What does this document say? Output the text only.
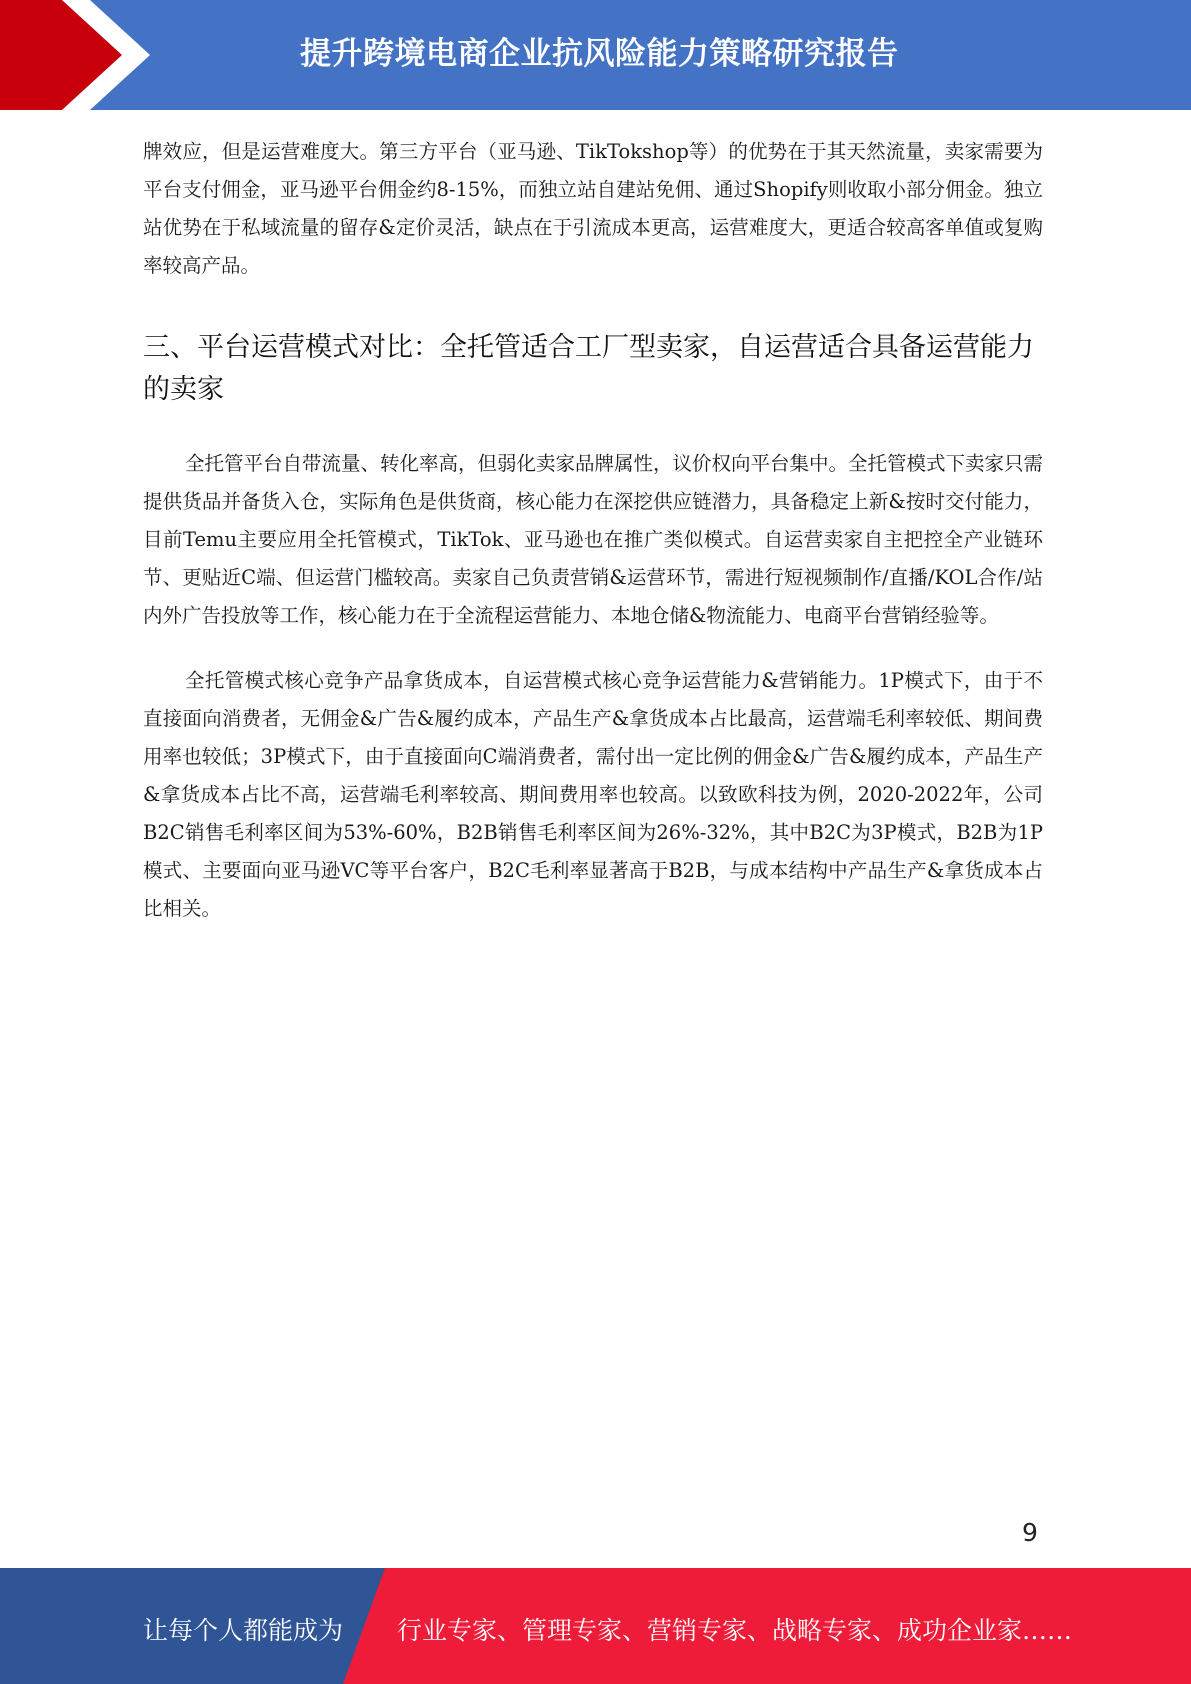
提升跨境电商企业抗风险能力策略研究报告

牌效应，但是运营难度大。第三方平台（亚马逊、TikTokshop等）的优势在于其天然流量，卖家需要为平台支付佣金，亚马逊平台佣金约8-15%，而独立站自建站免佣、通过Shopify则收取小部分佣金。独立站优势在于私域流量的留存&定价灵活，缺点在于引流成本更高，运营难度大，更适合较高客单值或复购率较高产品。

三、平台运营模式对比：全托管适合工厂型卖家，自运营适合具备运营能力的卖家

全托管平台自带流量、转化率高，但弱化卖家品牌属性，议价权向平台集中。全托管模式下卖家只需提供货品并备货入仓，实际角色是供货商，核心能力在深挖供应链潜力，具备稳定上新&按时交付能力，目前Temu主要应用全托管模式，TikTok、亚马逊也在推广类似模式。自运营卖家自主把控全产业链环节、更贴近C端、但运营门槛较高。卖家自己负责营销&运营环节，需进行短视频制作/直播/KOL合作/站内外广告投放等工作，核心能力在于全流程运营能力、本地仓储&物流能力、电商平台营销经验等。

全托管模式核心竞争产品拿货成本，自运营模式核心竞争运营能力&营销能力。1P模式下，由于不直接面向消费者，无佣金&广告&履约成本，产品生产&拿货成本占比最高，运营端毛利率较低、期间费用率也较低；3P模式下，由于直接面向C端消费者，需付出一定比例的佣金&广告&履约成本，产品生产&拿货成本占比不高，运营端毛利率较高、期间费用率也较高。以致欧科技为例，2020-2022年，公司B2C销售毛利率区间为53%-60%，B2B销售毛利率区间为26%-32%，其中B2C为3P模式，B2B为1P模式、主要面向亚马逊VC等平台客户，B2C毛利率显著高于B2B，与成本结构中产品生产&拿货成本占比相关。

9
让每个人都能成为 行业专家、管理专家、营销专家、战略专家、成功企业家……
